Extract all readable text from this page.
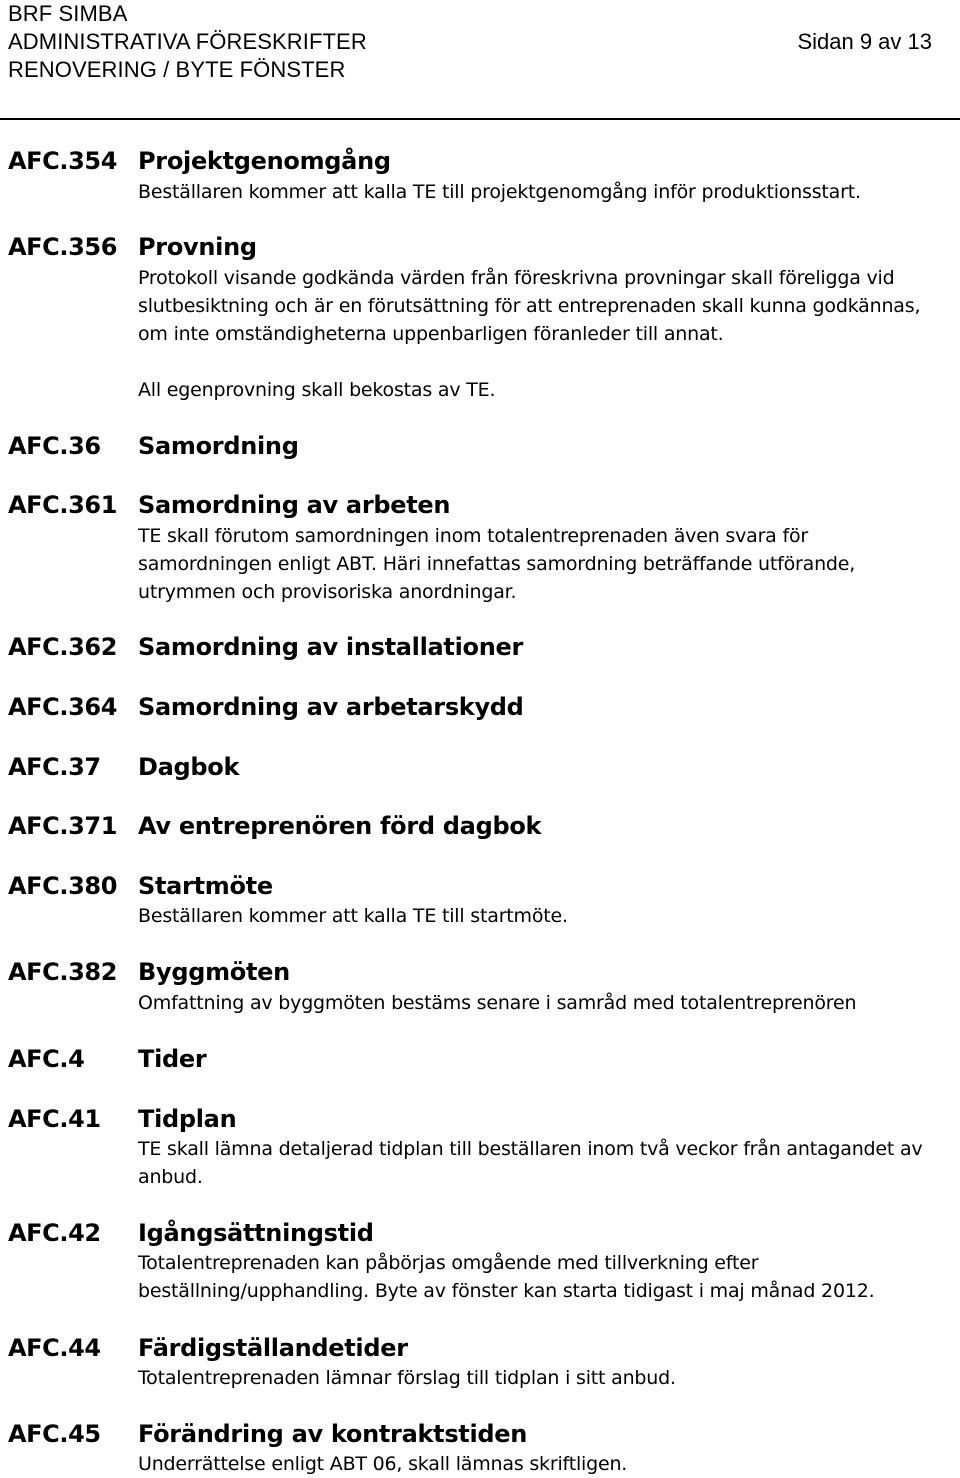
BRF SIMBA
ADMINISTRATIVA FÖRESKRIFTER
RENOVERING / BYTE FÖNSTER
Sidan 9 av 13
AFC.354 Projektgenomgång
Beställaren kommer att kalla TE till projektgenomgång inför produktionsstart.
AFC.356 Provning
Protokoll visande godkända värden från föreskrivna provningar skall föreligga vid slutbesiktning och är en förutsättning för att entreprenaden skall kunna godkännas, om inte omständigheterna uppenbarligen föranleder till annat.
All egenprovning skall bekostas av TE.
AFC.36 Samordning
AFC.361 Samordning av arbeten
TE skall förutom samordningen inom totalentreprenaden även svara för samordningen enligt ABT. Häri innefattas samordning beträffande utförande, utrymmen och provisoriska anordningar.
AFC.362 Samordning av installationer
AFC.364 Samordning av arbetarskydd
AFC.37 Dagbok
AFC.371 Av entreprenören förd dagbok
AFC.380 Startmöte
Beställaren kommer att kalla TE till startmöte.
AFC.382 Byggmöten
Omfattning av byggmöten bestäms senare i samråd med totalentreprenören
AFC.4 Tider
AFC.41 Tidplan
TE skall lämna detaljerad tidplan till beställaren inom två veckor från antagandet av anbud.
AFC.42 Igångsättningstid
Totalentreprenaden kan påbörjas omgående med tillverkning efter beställning/upphandling. Byte av fönster kan starta tidigast i maj månad 2012.
AFC.44 Färdigställandetider
Totalentreprenaden lämnar förslag till tidplan i sitt anbud.
AFC.45 Förändring av kontraktstiden
Underrättelse enligt ABT 06, skall lämnas skriftligen.
